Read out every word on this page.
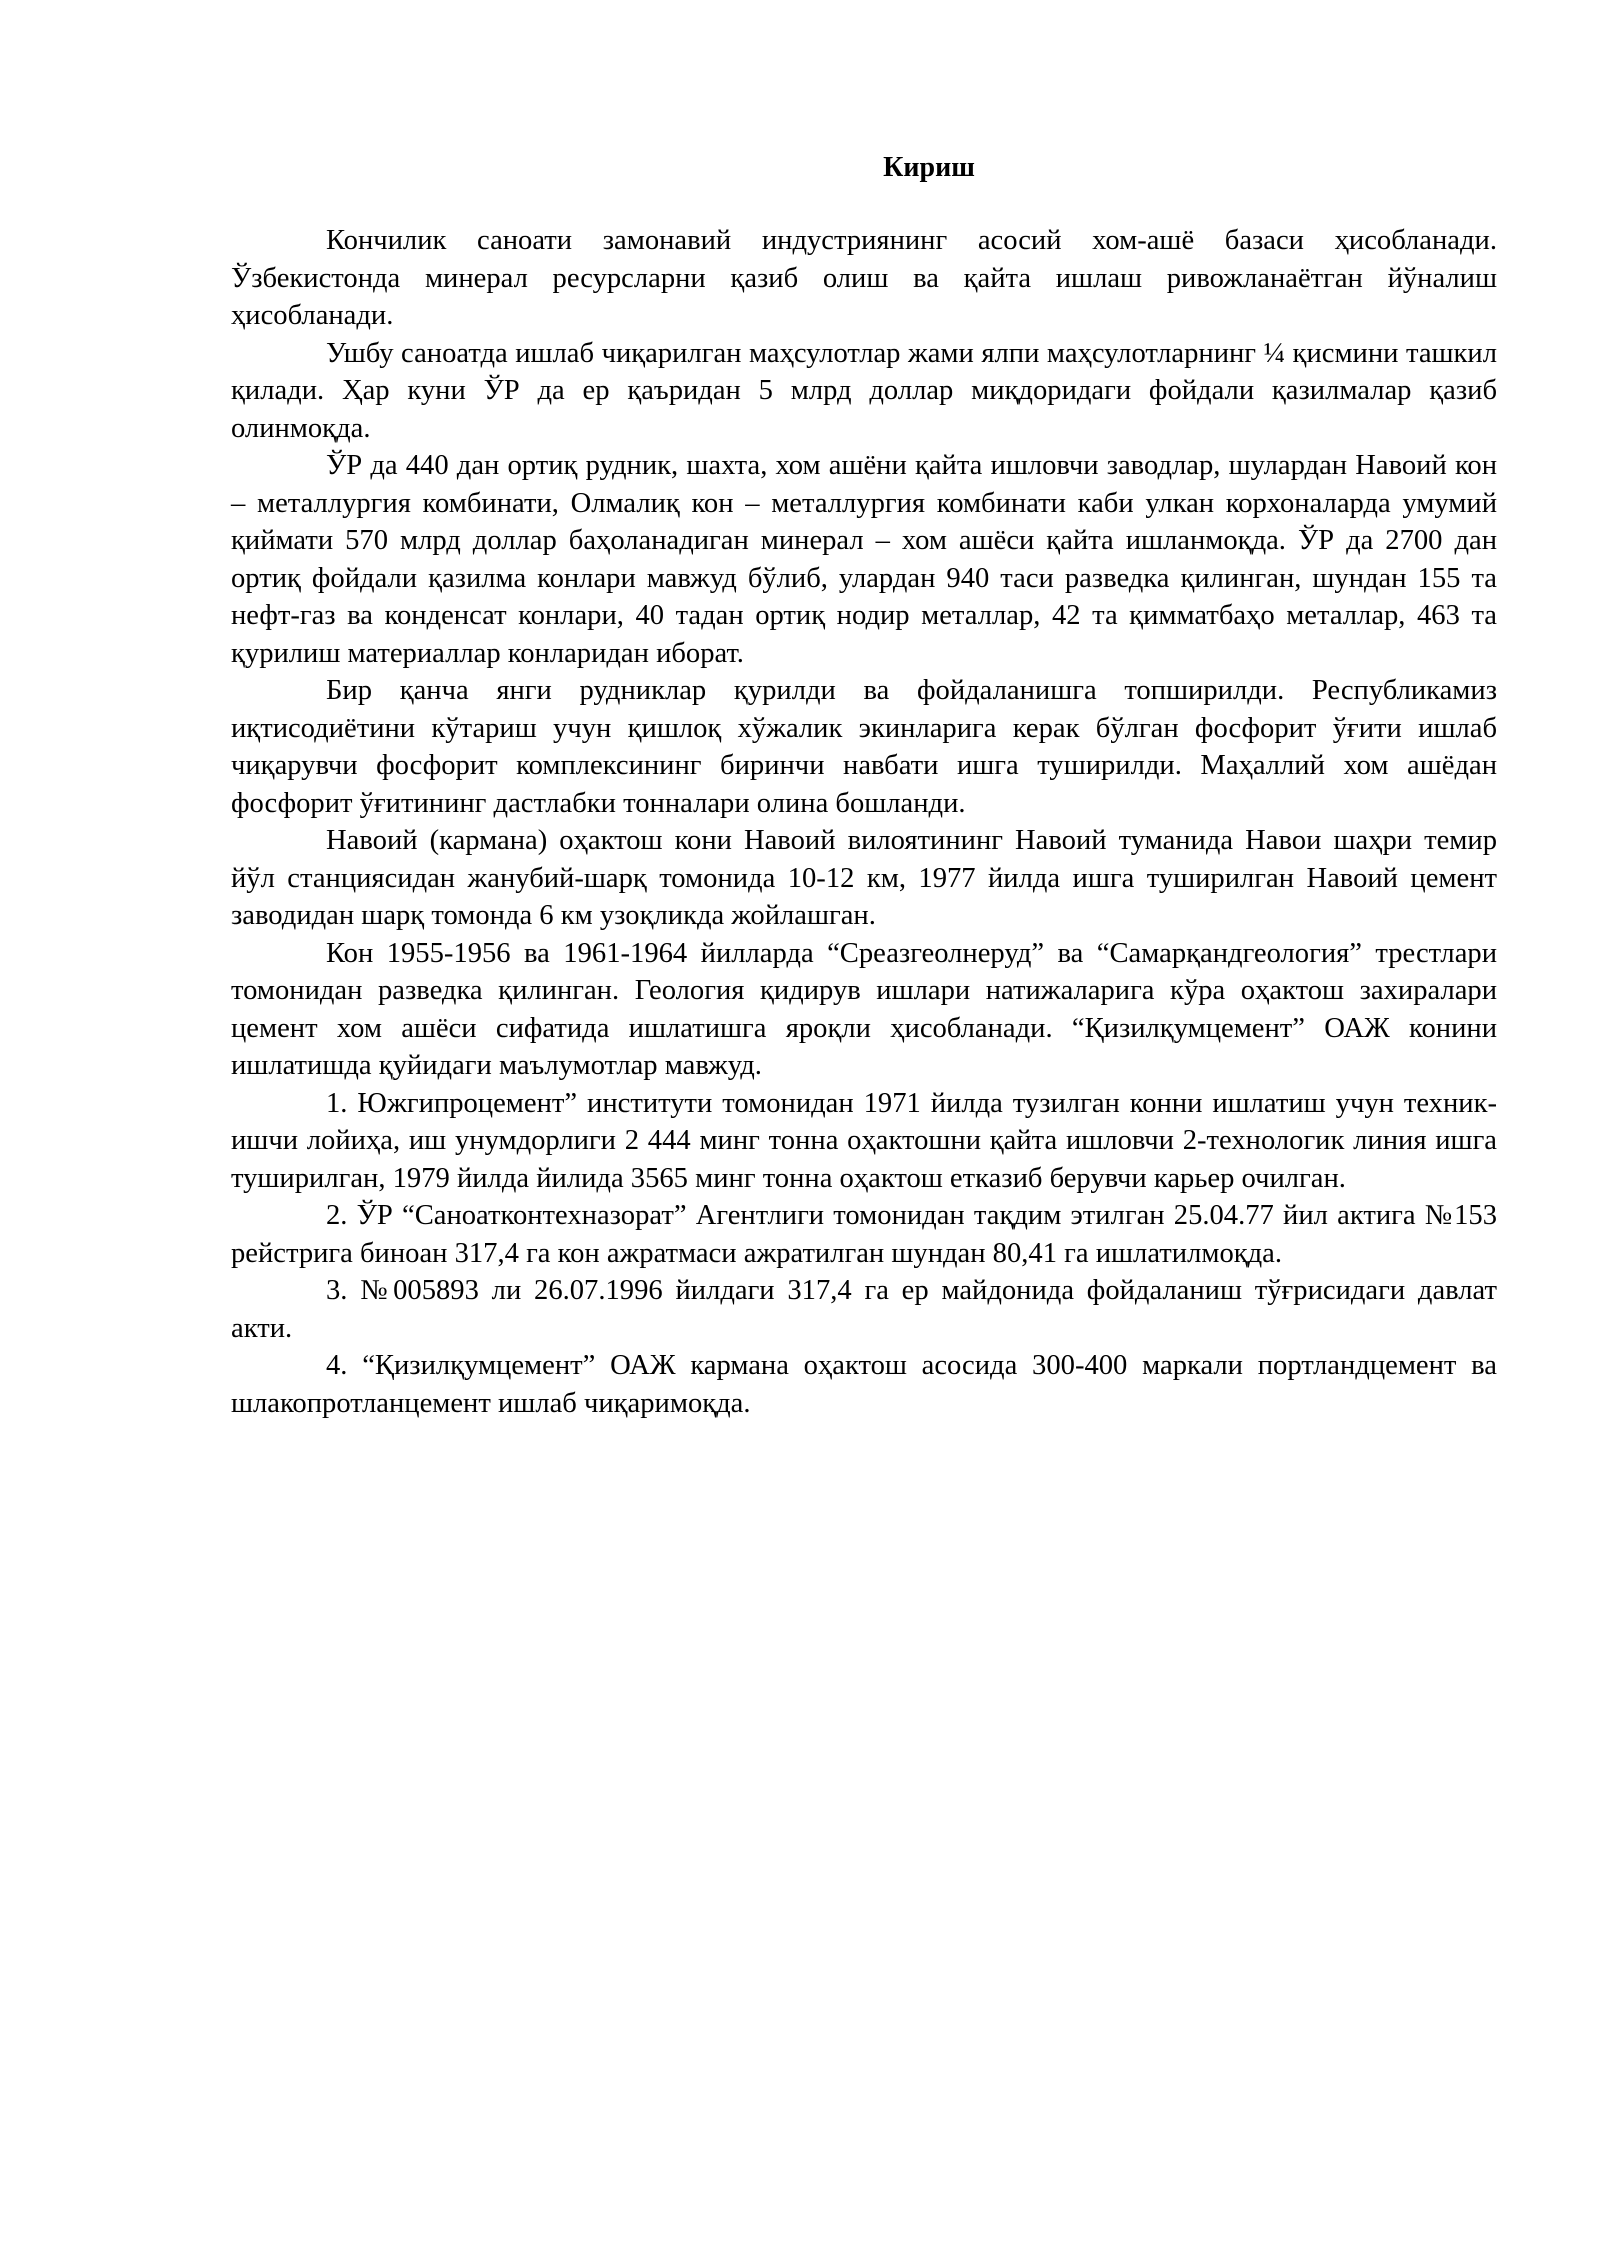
Кириш

Кончилик саноати замонавий индустриянинг асосий хом-ашё базаси ҳисобланади. Ўзбекистонда минерал ресурсларни қазиб олиш ва қайта ишлаш ривожланаётган йўналиш ҳисобланади.

Ушбу саноатда ишлаб чиқарилган маҳсулотлар жами ялпи маҳсулотларнинг ¼ қисмини ташкил қилади. Ҳар куни ЎР да ер қаъридан 5 млрд доллар миқдоридаги фойдали қазилмалар қазиб олинмоқда.

ЎР да 440 дан ортиқ рудник, шахта, хом ашёни қайта ишловчи заводлар, шулардан Навоий кон – металлургия комбинати, Олмалиқ кон – металлургия комбинати каби улкан корхоналарда умумий қиймати 570 млрд доллар баҳоланадиган минерал – хом ашёси қайта ишланмоқда. ЎР да 2700 дан ортиқ фойдали қазилма конлари мавжуд бўлиб, улардан 940 таси разведка қилинган, шундан 155 та нефт-газ ва конденсат конлари, 40 тадан ортиқ нодир металлар, 42 та қимматбаҳо металлар, 463 та қурилиш материаллар конларидан иборат.

Бир қанча янги рудниклар қурилди ва фойдаланишга топширилди. Республикамиз иқтисодиётини кўтариш учун қишлоқ хўжалик экинларига керак бўлган фосфорит ўғити ишлаб чиқарувчи фосфорит комплексининг биринчи навбати ишга туширилди. Маҳаллий хом ашёдан фосфорит ўғитининг дастлабки тонналари олина бошланди.

Навоий (кармана) оҳактош кони Навоий вилоятининг Навоий туманида Навои шаҳри темир йўл станциясидан жанубий-шарқ томонида 10-12 км, 1977 йилда ишга туширилган Навоий цемент заводидан шарқ томонда 6 км узоқликда жойлашган.

Кон 1955-1956 ва 1961-1964 йилларда “Среазгеолнеруд” ва “Самарқандгеология” трестлари томонидан разведка қилинган. Геология қидирув ишлари натижаларига кўра оҳактош захиралари цемент хом ашёси сифатида ишлатишга яроқли ҳисобланади. “Қизилқумцемент” ОАЖ конини ишлатишда қуйидаги маълумотлар мавжуд.

1. Южгипроцемент” институти томонидан 1971 йилда тузилган конни ишлатиш учун техник-ишчи лойиҳа, иш унумдорлиги 2 444 минг тонна оҳактошни қайта ишловчи 2-технологик линия ишга туширилган, 1979 йилда йилида 3565 минг тонна оҳактош етказиб берувчи карьер очилган.

2. ЎР “Саноатконтехназорат” Агентлиги томонидан тақдим этилган 25.04.77 йил актига №153 рейстрига биноан 317,4 га кон ажратмаси ажратилган шундан 80,41 га ишлатилмоқда.

3. №005893 ли 26.07.1996 йилдаги 317,4 га ер майдонида фойдаланиш тўғрисидаги давлат акти.

4. “Қизилқумцемент” ОАЖ кармана оҳактош асосида 300-400 маркали портландцемент ва шлакопротланцемент ишлаб чиқаримоқда.
